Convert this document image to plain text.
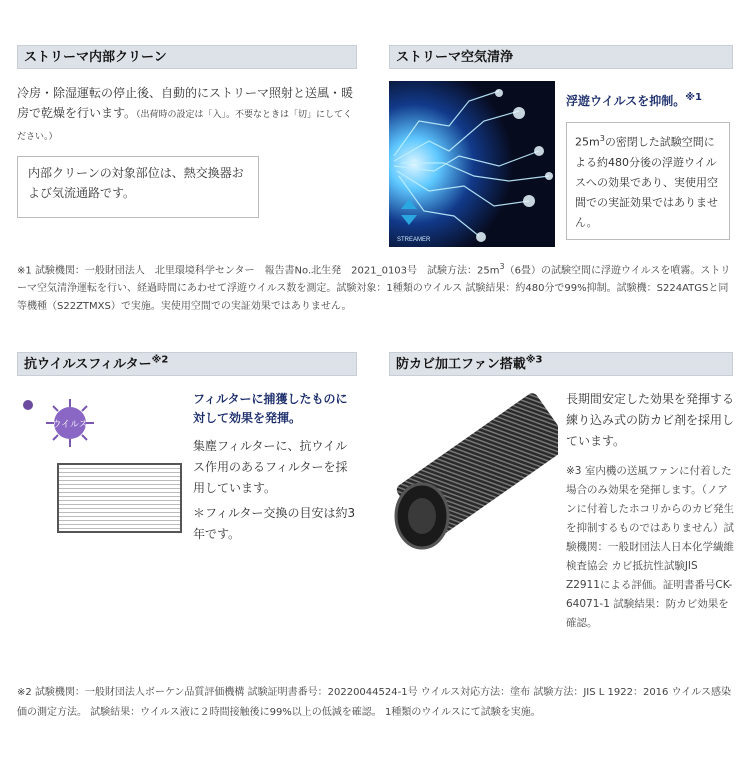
ストリーマ内部クリーン
冷房・除湿運転の停止後、自動的にストリーマ照射と送風・暖房で乾燥を行います。（出荷時の設定は「入」。不要なときは「切」にしてください。）
内部クリーンの対象部位は、熱交換器および気流通路です。
ストリーマ空気清浄
STREAMER
浮遊ウイルスを抑制。$^{※1}$
$25m^3$の密閉した試験空間による約480分後の浮遊ウイルスへの効果であり、実使用空間での実証効果ではありません。
※1 試験機関：一般財団法人　北里環境科学センター　報告書No.北生発　2021_0103号　試験方法：$25m^3(6$畳）の試験空間に浮遊ウイルスを噴霧。ストリーマ空気清浄運転を行い、経過時間にあわせて浮遊ウイルス数を測定。試験対象：1種類のウイルス 試験結果：約480分で99%抑制。試験機：S224ATGSと同等機種（S22ZTMXS）で実施。実使用空間での実証効果ではありません。
抗ウイルスフィルター$^{※2}$
ウイルス
フィルターに捕獲したものに対して効果を発揮。
集塵フィルターに、抗ウイルス作用のあるフィルターを採用しています。
＊フィルター交換の目安は約3年です。
防カビ加工ファン搭載$^{※3}$
長期間安定した効果を発揮する練り込み式の防カビ剤を採用しています。
※3 室内機の送風ファンに付着した場合のみ効果を発揮します。（ノアンに付着したホコリからのカビ発生を抑制するものではありません）試験機関：一般財団法人日本化学繊維検査協会 カビ抵抗性試験JIS Z2911による評価。証明書番号CK-64071-1 試験結果：防カビ効果を確認。
※2 試験機関：一般財団法人ボーケン品質評価機構 試験証明書番号：20220044524-1号 ウイルス対応方法：塗布 試験方法：JIS L 1922：2016 ウイルス感染価の測定方法。 試験結果：ウイルス液に２時間接触後に99%以上の低減を確認。 1種類のウイルスにて試験を実施。
